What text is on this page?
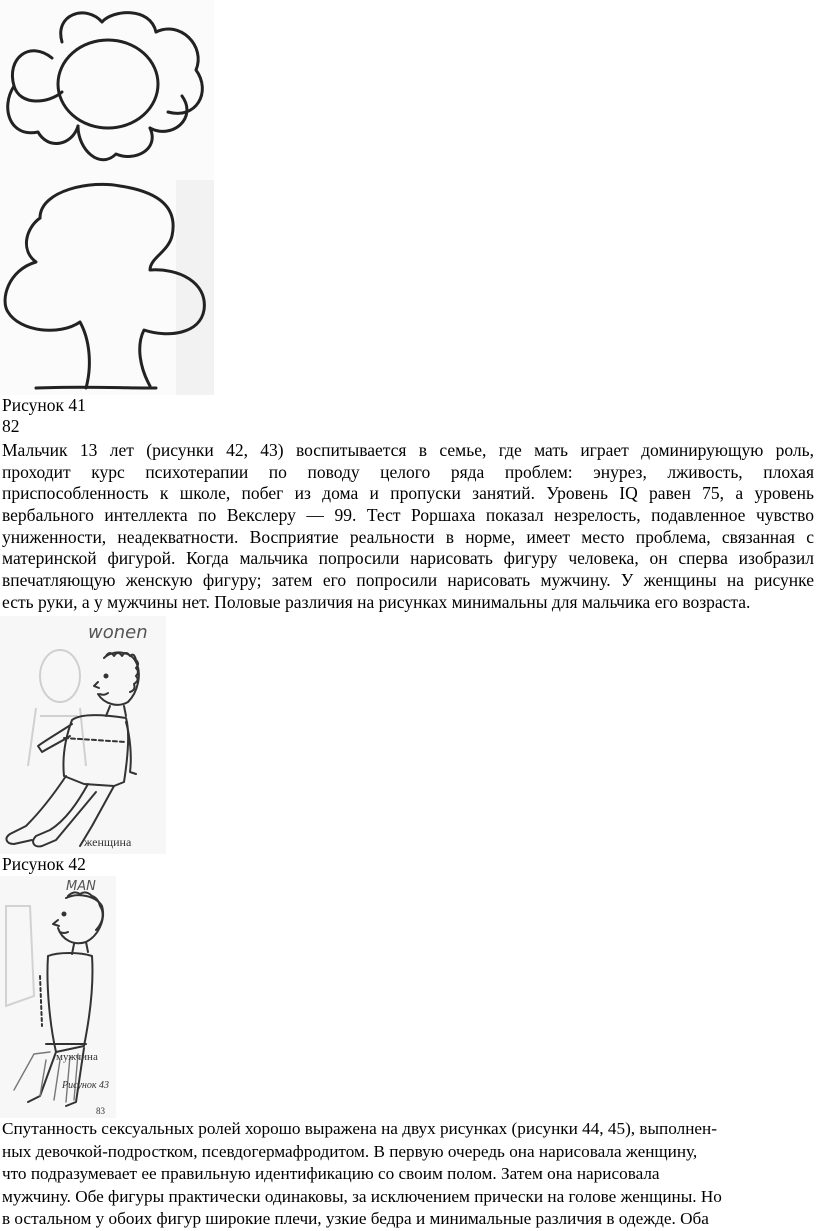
Рисунок 41
82
Мальчик 13 лет (рисунки 42, 43) воспитывается в семье, где мать играет доминирующую роль,
проходит курс психотерапии по поводу целого ряда проблем: энурез, лживость, плохая
приспособленность к школе, побег из дома и пропуски занятий. Уровень IQ равен 75, а уровень
вербального интеллекта по Векслеру — 99. Тест Роршаха показал незрелость, подавленное чувство
униженности, неадекватности. Восприятие реальности в норме, имеет место проблема, связанная с
материнской фигурой. Когда мальчика попросили нарисовать фигуру человека, он сперва изобразил
впечатляющую женскую фигуру; затем его попросили нарисовать мужчину. У женщины на рисунке
есть руки, а у мужчины нет. Половые различия на рисунках минимальны для мальчика его возраста.
wonen
женщина
Рисунок 42
MAN
мужчина
Рисунок 43
83
Спутанность сексуальных ролей хорошо выражена на двух рисунках (рисунки 44, 45), выполнен-
ных девочкой-подростком, псевдогермафродитом. В первую очередь она нарисовала женщину,
что подразумевает ее правильную идентификацию со своим полом. Затем она нарисовала
мужчину. Обе фигуры практически одинаковы, за исключением прически на голове женщины. Но
в остальном у обоих фигур широкие плечи, узкие бедра и минимальные различия в одежде. Оба
